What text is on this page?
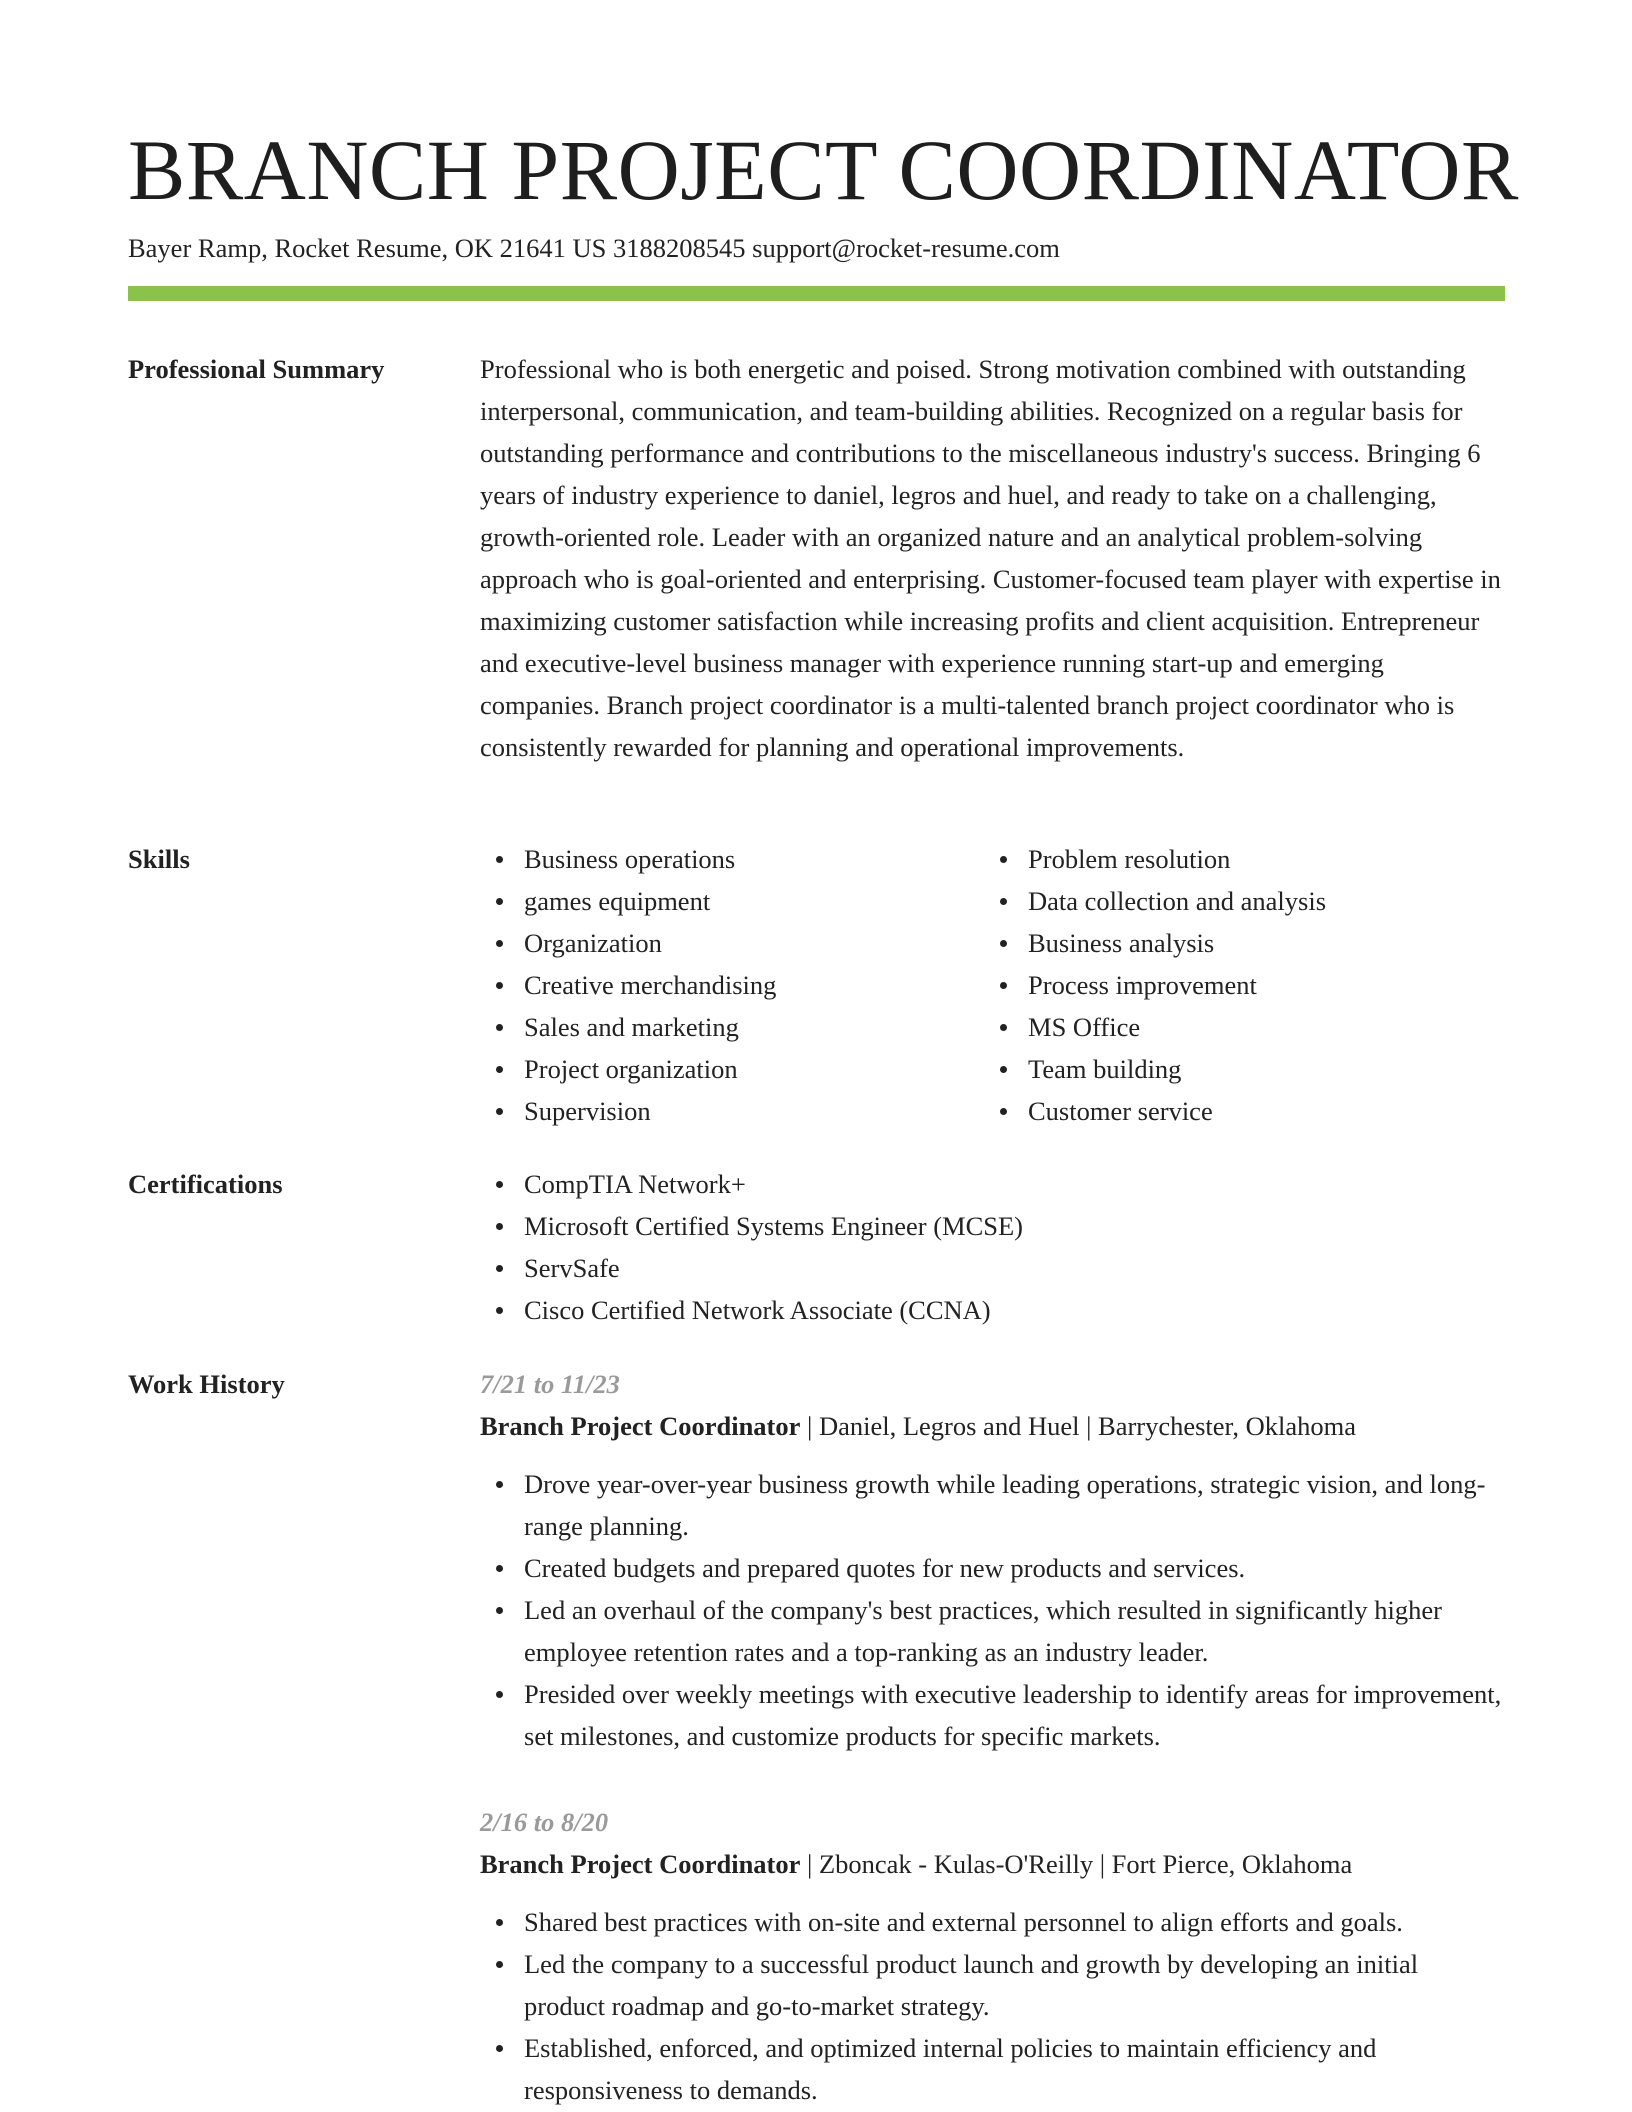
BRANCH PROJECT COORDINATOR
Bayer Ramp, Rocket Resume, OK 21641 US 3188208545 support@rocket-resume.com
Professional Summary	Professional who is both energetic and poised. Strong motivation combined with outstanding interpersonal, communication, and team-building abilities. Recognized on a regular basis for outstanding performance and contributions to the miscellaneous industry's success. Bringing 6 years of industry experience to daniel, legros and huel, and ready to take on a challenging, growth-oriented role. Leader with an organized nature and an analytical problem-solving approach who is goal-oriented and enterprising. Customer-focused team player with expertise in maximizing customer satisfaction while increasing profits and client acquisition. Entrepreneur and executive-level business manager with experience running start-up and emerging companies. Branch project coordinator is a multi-talented branch project coordinator who is consistently rewarded for planning and operational improvements.

Skills	Business operations
games equipment
Organization
Creative merchandising
Sales and marketing
Project organization
Supervision
Problem resolution
Data collection and analysis
Business analysis
Process improvement
MS Office
Team building
Customer service
Certifications	CompTIA Network+
Microsoft Certified Systems Engineer (MCSE)
ServSafe
Cisco Certified Network Associate (CCNA)
Work History	7/21 to 11/23
Branch Project Coordinator | Daniel, Legros and Huel | Barrychester, Oklahoma
Drove year-over-year business growth while leading operations, strategic vision, and long-range planning.
Created budgets and prepared quotes for new products and services.
Led an overhaul of the company's best practices, which resulted in significantly higher employee retention rates and a top-ranking as an industry leader.
Presided over weekly meetings with executive leadership to identify areas for improvement, set milestones, and customize products for specific markets.
2/16 to 8/20
Branch Project Coordinator | Zboncak - Kulas-O'Reilly | Fort Pierce, Oklahoma
Shared best practices with on-site and external personnel to align efforts and goals.
Led the company to a successful product launch and growth by developing an initial product roadmap and go-to-market strategy.
Established, enforced, and optimized internal policies to maintain efficiency and responsiveness to demands.
